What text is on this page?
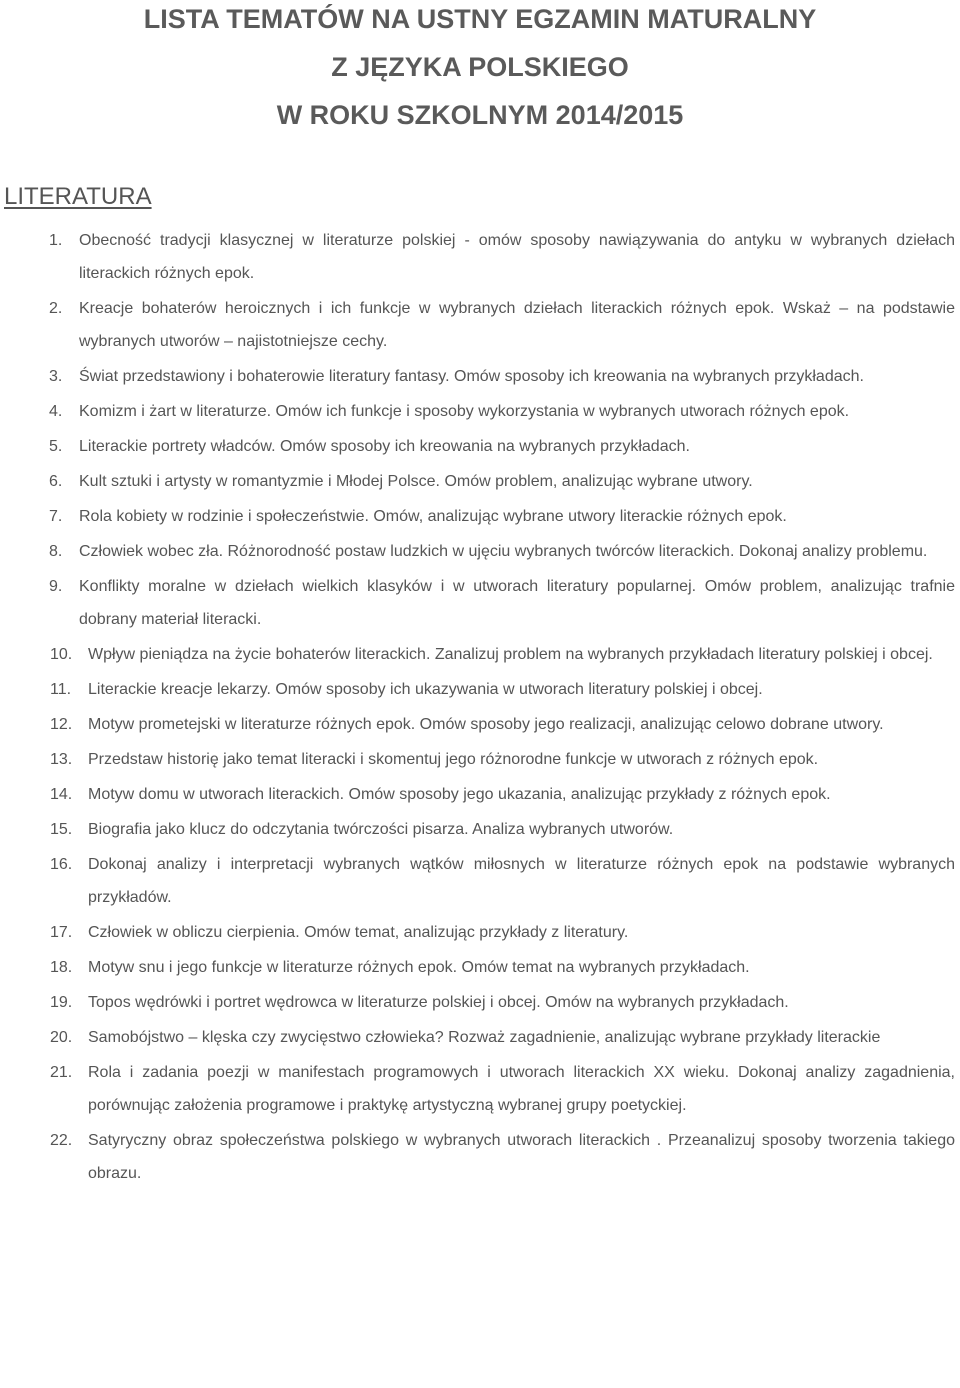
LISTA TEMATÓW NA USTNY EGZAMIN MATURALNY
Z JĘZYKA POLSKIEGO
W ROKU SZKOLNYM 2014/2015
LITERATURA
1. Obecność tradycji klasycznej w literaturze polskiej - omów sposoby nawiązywania do antyku w wybranych dziełach literackich różnych epok.
2. Kreacje bohaterów heroicznych i ich funkcje w wybranych dziełach literackich różnych epok. Wskaż – na podstawie wybranych utworów – najistotniejsze cechy.
3. Świat przedstawiony i bohaterowie literatury fantasy. Omów sposoby ich kreowania na wybranych przykładach.
4. Komizm i żart w literaturze. Omów ich funkcje i sposoby wykorzystania w wybranych utworach różnych epok.
5. Literackie portrety władców. Omów sposoby ich kreowania na wybranych przykładach.
6. Kult sztuki i artysty w romantyzmie i Młodej Polsce. Omów problem, analizując wybrane utwory.
7. Rola kobiety w rodzinie i społeczeństwie. Omów, analizując wybrane utwory literackie różnych epok.
8. Człowiek wobec zła. Różnorodność postaw ludzkich w ujęciu wybranych twórców literackich. Dokonaj analizy problemu.
9. Konflikty moralne w dziełach wielkich klasyków i w utworach literatury popularnej. Omów problem, analizując trafnie dobrany materiał literacki.
10. Wpływ pieniądza na życie bohaterów literackich. Zanalizuj problem na wybranych przykładach literatury polskiej i obcej.
11. Literackie kreacje lekarzy. Omów sposoby ich ukazywania w utworach literatury polskiej i obcej.
12. Motyw prometejski w literaturze różnych epok. Omów sposoby jego realizacji, analizując celowo dobrane utwory.
13. Przedstaw historię jako temat literacki i skomentuj jego różnorodne funkcje w utworach z różnych epok.
14. Motyw domu w utworach literackich. Omów sposoby jego ukazania, analizując przykłady z różnych epok.
15. Biografia jako klucz do odczytania twórczości pisarza. Analiza wybranych utworów.
16. Dokonaj analizy i interpretacji wybranych wątków miłosnych w literaturze różnych epok na podstawie wybranych przykładów.
17. Człowiek w obliczu cierpienia. Omów temat, analizując przykłady z literatury.
18. Motyw snu i jego funkcje w literaturze różnych epok. Omów temat na wybranych przykładach.
19. Topos wędrówki i portret wędrowca w literaturze polskiej i obcej. Omów na wybranych przykładach.
20. Samobójstwo – klęska czy zwycięstwo człowieka? Rozważ zagadnienie, analizując wybrane przykłady literackie
21. Rola i zadania poezji w manifestach programowych i utworach literackich XX wieku. Dokonaj analizy zagadnienia, porównując założenia programowe i praktykę artystyczną wybranej grupy poetyckiej.
22. Satyryczny obraz społeczeństwa polskiego w wybranych utworach literackich . Przeanalizuj sposoby tworzenia takiego obrazu.
